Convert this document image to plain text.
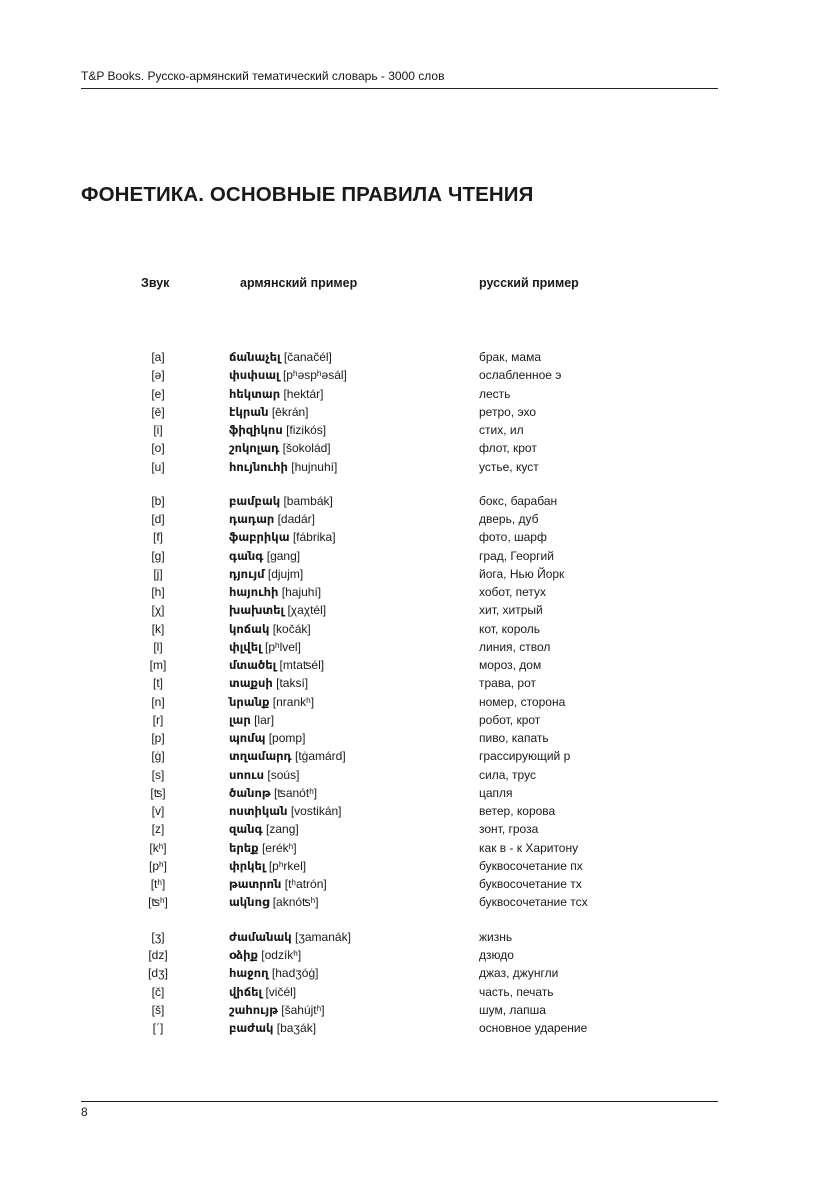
T&P Books. Русско-армянский тематический словарь - 3000 слов
ФОНЕТИКА. ОСНОВНЫЕ ПРАВИЛА ЧТЕНИЯ
Звук	армянский пример	русский пример
[a]	ճանաչել [čanačél]	брак, мама
[ə]	փսփսալ [pʰəspʰəsál]	ослабленное э
[e]	հեկտար [hektár]	лесть
[ē]	էկրան [ēkrán]	ретро, эхо
[i]	ֆիզիկոս [fizikós]	стих, ил
[o]	շոկոլադ [šokolád]	флот, крот
[u]	հույնուհի [hujnuhí]	устье, куст
[b]	բամբակ [bambák]	бокс, барабан
[d]	դադար [dadár]	дверь, дуб
[f]	ֆաբրիկա [fábrika]	фото, шарф
[g]	գանգ [gang]	град, Георгий
[j]	դյույմ [djujm]	йога, Нью Йорк
[h]	հայուհի [hajuhí]	хобот, петух
[χ]	խախտել [χaχtél]	хит, хитрый
[k]	կոճակ [kočák]	кот, король
[l]	փլվել [pʰlvel]	линия, ствол
[m]	մտածել [mtaʦél]	мороз, дом
[t]	տաքսի [taksí]	трава, рот
[n]	նրանք [nrankʰ]	номер, сторона
[r]	լար [lar]	робот, крот
[p]	պոմպ [pomp]	пиво, капать
[ġ]	տղամարդ [tġamárd]	грассирующий р
[s]	սոուս [soús]	сила, трус
[ʦ]	ծանոթ [ʦanótʰ]	цапля
[v]	ոստիկան [vostikán]	ветер, корова
[z]	զանգ [zang]	зонт, гроза
[kʰ]	երեք [erékʰ]	как в - к Харитону
[pʰ]	փրկել [pʰrkel]	буквосочетание пх
[tʰ]	թատրոն [tʰatrón]	буквосочетание тх
[ʦʰ]	ակնոց [aknóʦʰ]	буквосочетание тсх
[ʒ]	ժամանակ [ʒamanák]	жизнь
[dz]	օձիք [odzíkʰ]	дзюдо
[dʒ]	հաջող [hadʒóġ]	джаз, джунгли
[č]	վիճել [vičél]	часть, печать
[š]	շահույթ [šahújtʰ]	шум, лапша
[ˊ]	բաժակ [baʒák]	основное ударение
8
